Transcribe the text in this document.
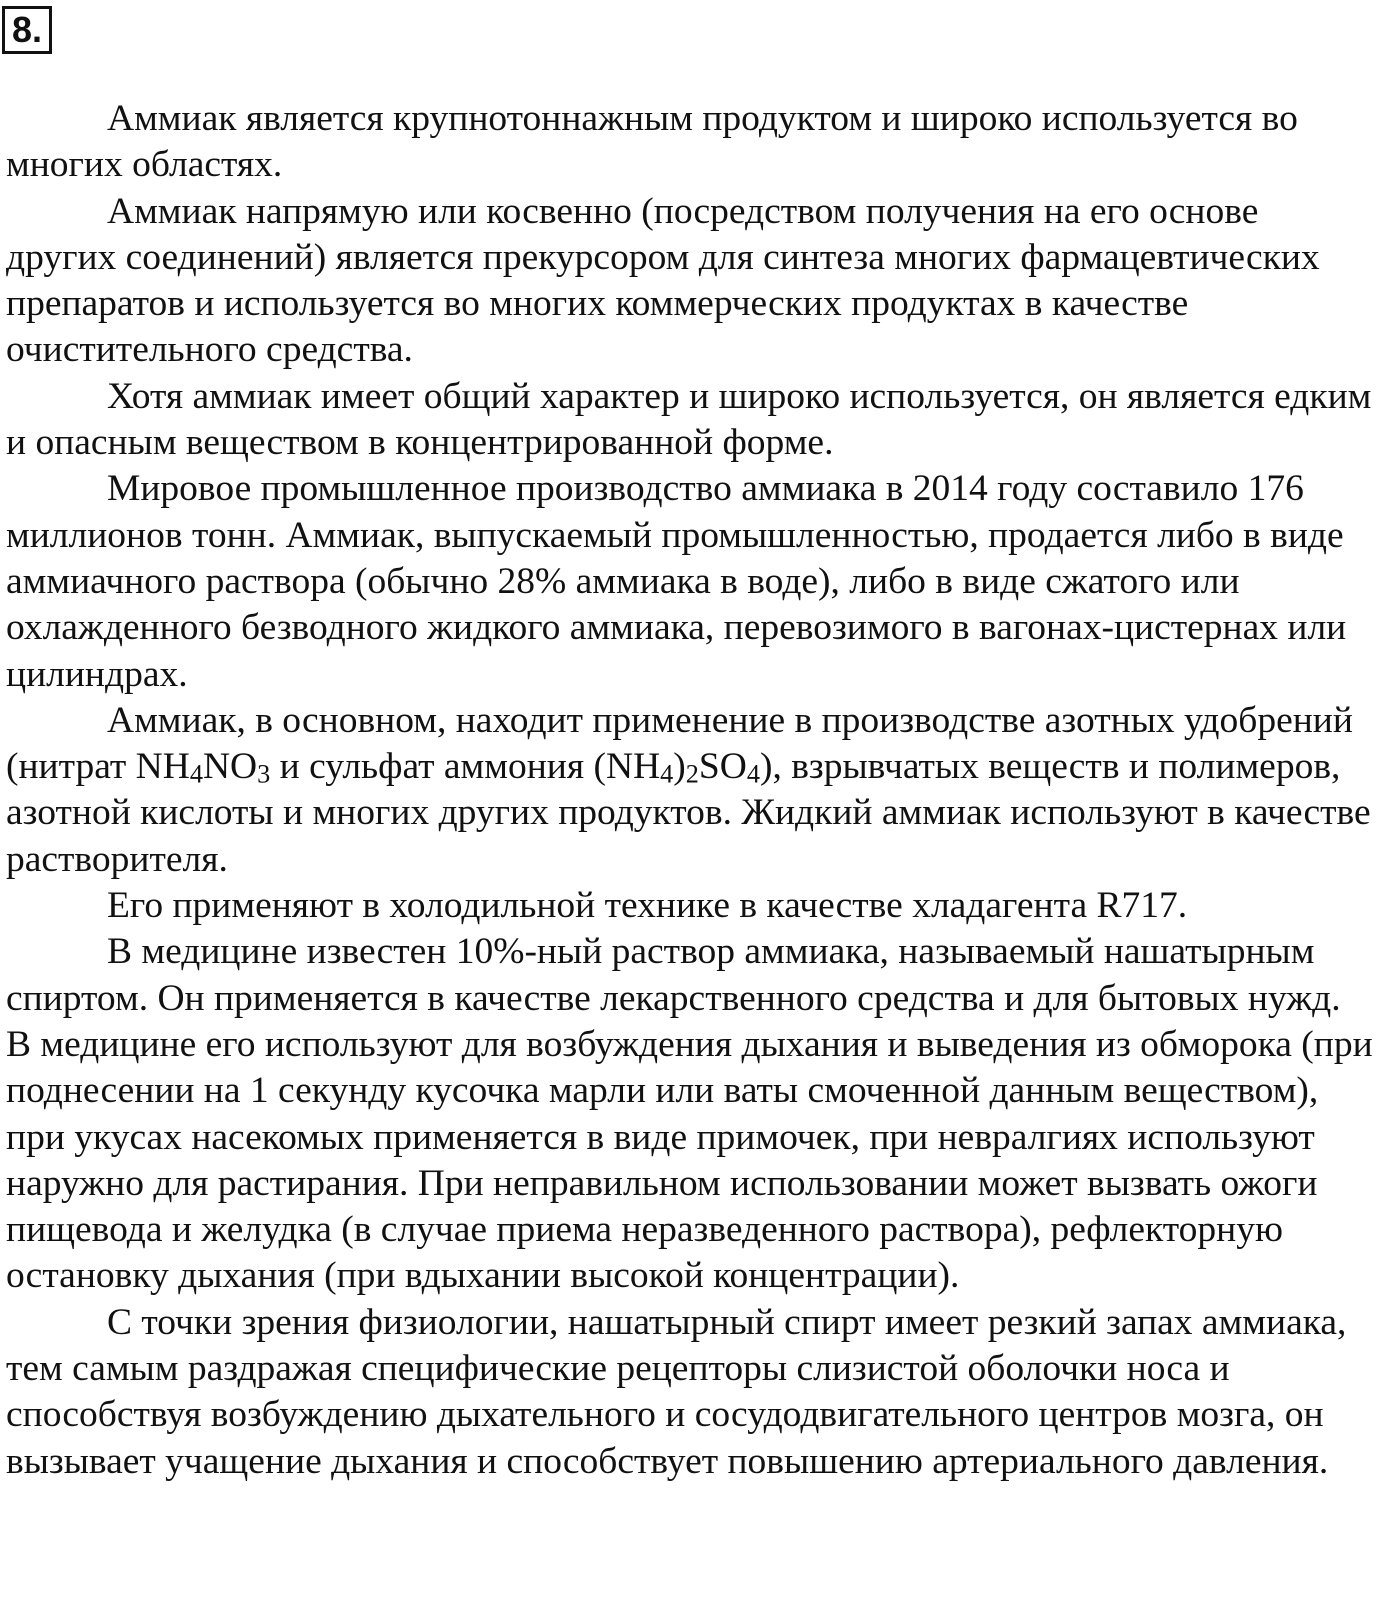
8.

Аммиак является крупнотоннажным продуктом и широко используется во многих областях.

Аммиак напрямую или косвенно (посредством получения на его основе других соединений) является прекурсором для синтеза многих фармацевтических препаратов и используется во многих коммерческих продуктах в качестве очистительного средства.

Хотя аммиак имеет общий характер и широко используется, он является едким и опасным веществом в концентрированной форме.

Мировое промышленное производство аммиака в 2014 году составило 176 миллионов тонн. Аммиак, выпускаемый промышленностью, продается либо в виде аммиачного раствора (обычно 28% аммиака в воде), либо в виде сжатого или охлажденного безводного жидкого аммиака, перевозимого в вагонах-цистернах или цилиндрах.

Аммиак, в основном, находит применение в производстве азотных удобрений (нитрат $NH_4NO_3$ и сульфат аммония $(NH_4)_2SO_4$), взрывчатых веществ и полимеров, азотной кислоты и многих других продуктов. Жидкий аммиак используют в качестве растворителя.

Его применяют в холодильной технике в качестве хладагента R717.

В медицине известен 10%-ный раствор аммиака, называемый нашатырным спиртом. Он применяется в качестве лекарственного средства и для бытовых нужд. В медицине его используют для возбуждения дыхания и выведения из обморока (при поднесении на 1 секунду кусочка марли или ваты смоченной данным веществом), при укусах насекомых применяется в виде примочек, при невралгиях используют наружно для растирания. При неправильном использовании может вызвать ожоги пищевода и желудка (в случае приема неразведенного раствора), рефлекторную остановку дыхания (при вдыхании высокой концентрации).

С точки зрения физиологии, нашатырный спирт имеет резкий запах аммиака, тем самым раздражая специфические рецепторы слизистой оболочки носа и способствуя возбуждению дыхательного и сосудодвигательного центров мозга, он вызывает учащение дыхания и способствует повышению артериального давления.
